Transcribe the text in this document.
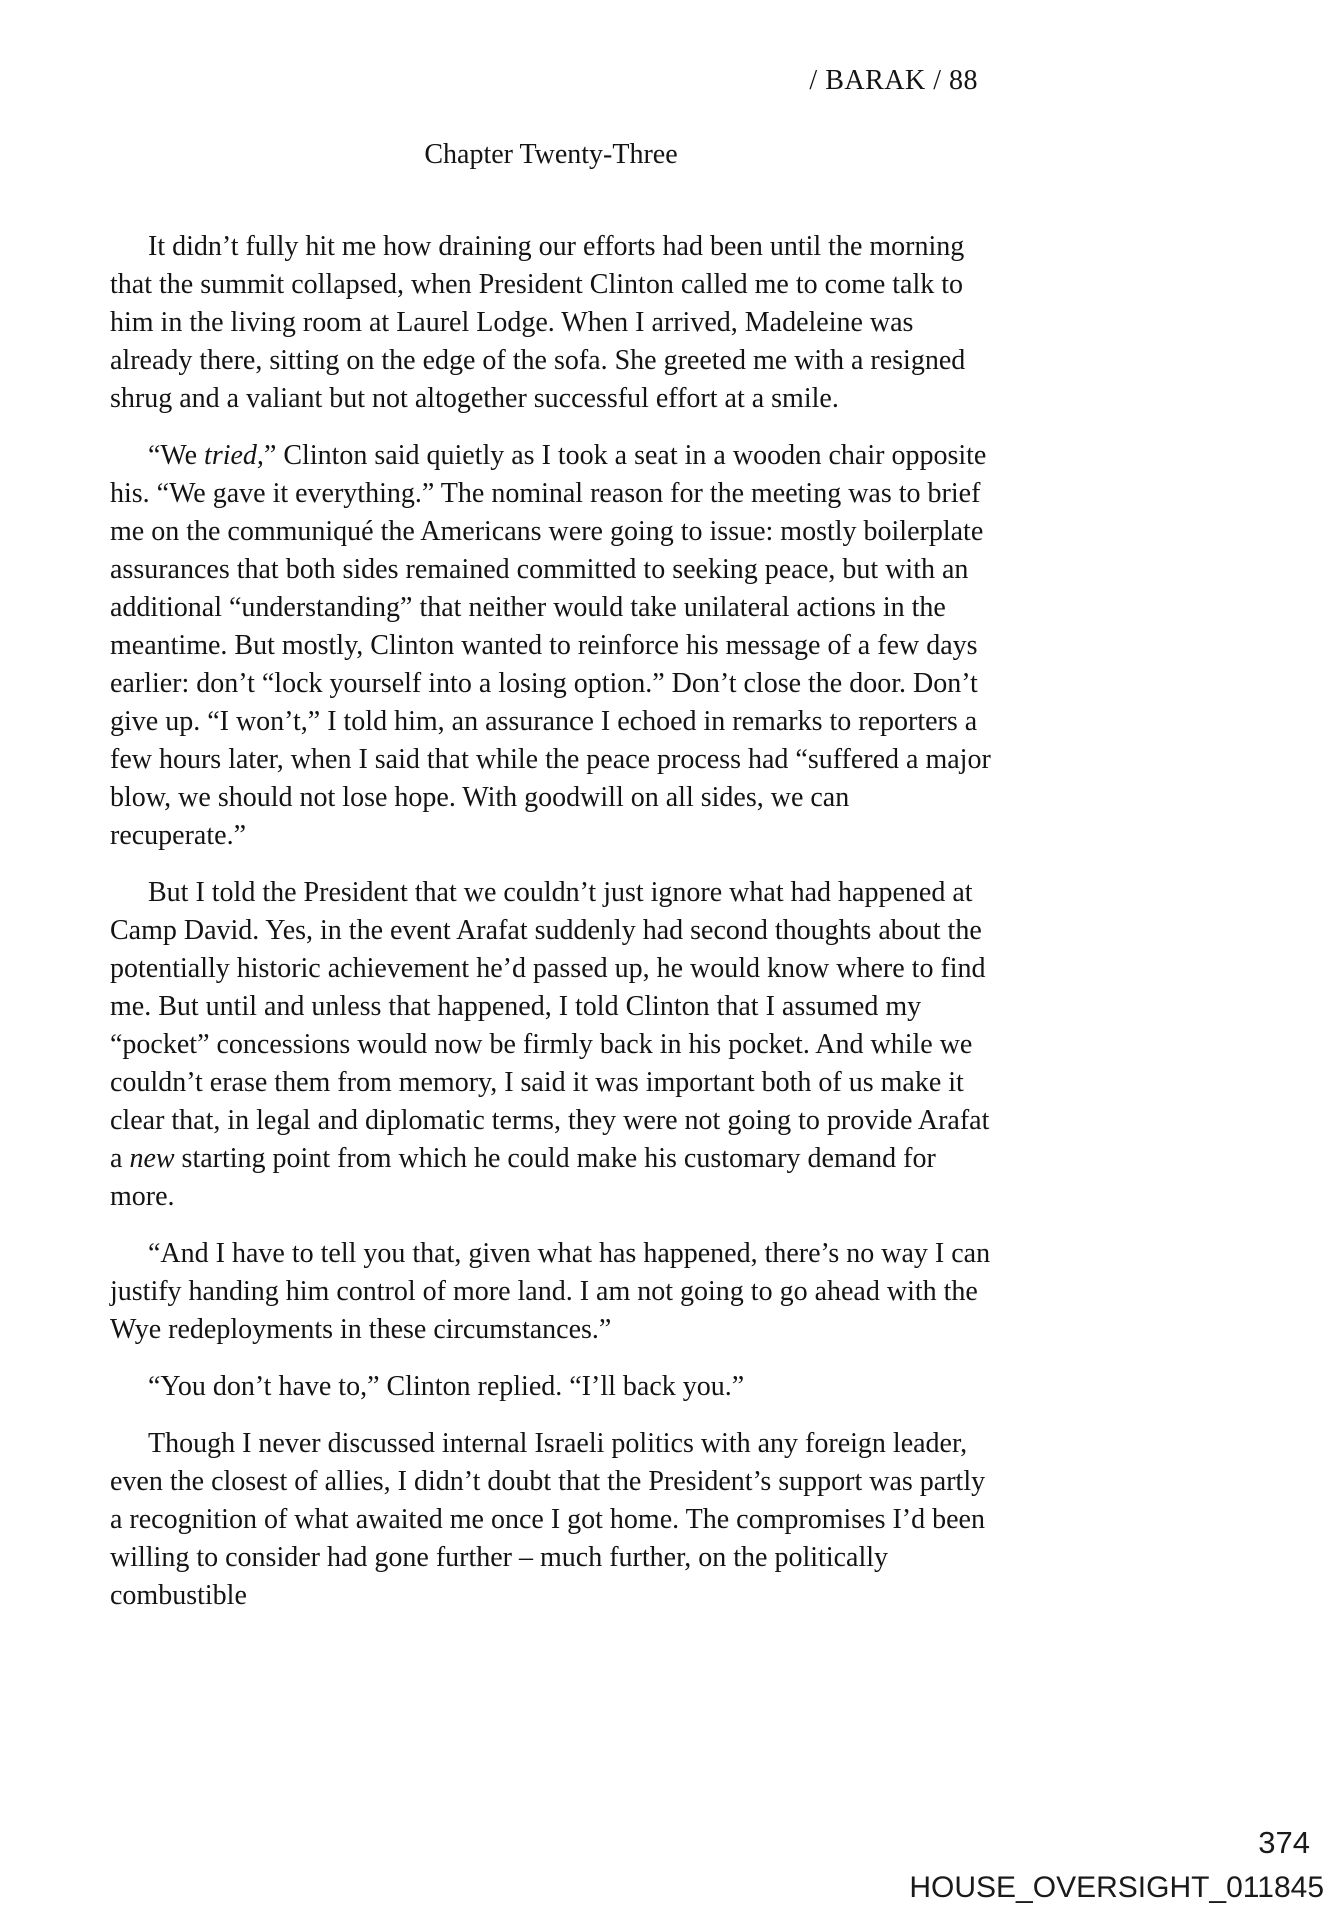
/ BARAK / 88
Chapter Twenty-Three

It didn’t fully hit me how draining our efforts had been until the morning that the summit collapsed, when President Clinton called me to come talk to him in the living room at Laurel Lodge. When I arrived, Madeleine was already there, sitting on the edge of the sofa. She greeted me with a resigned shrug and a valiant but not altogether successful effort at a smile.

“We tried,” Clinton said quietly as I took a seat in a wooden chair opposite his. “We gave it everything.” The nominal reason for the meeting was to brief me on the communiqué the Americans were going to issue: mostly boilerplate assurances that both sides remained committed to seeking peace, but with an additional “understanding” that neither would take unilateral actions in the meantime. But mostly, Clinton wanted to reinforce his message of a few days earlier: don’t “lock yourself into a losing option.” Don’t close the door. Don’t give up. “I won’t,” I told him, an assurance I echoed in remarks to reporters a few hours later, when I said that while the peace process had “suffered a major blow, we should not lose hope. With goodwill on all sides, we can recuperate.”

But I told the President that we couldn’t just ignore what had happened at Camp David. Yes, in the event Arafat suddenly had second thoughts about the potentially historic achievement he’d passed up, he would know where to find me. But until and unless that happened, I told Clinton that I assumed my “pocket” concessions would now be firmly back in his pocket. And while we couldn’t erase them from memory, I said it was important both of us make it clear that, in legal and diplomatic terms, they were not going to provide Arafat a new starting point from which he could make his customary demand for more.

“And I have to tell you that, given what has happened, there’s no way I can justify handing him control of more land. I am not going to go ahead with the Wye redeployments in these circumstances.”

“You don’t have to,” Clinton replied. “I’ll back you.”

Though I never discussed internal Israeli politics with any foreign leader, even the closest of allies, I didn’t doubt that the President’s support was partly a recognition of what awaited me once I got home. The compromises I’d been willing to consider had gone further – much further, on the politically combustible

374
HOUSE_OVERSIGHT_011845
